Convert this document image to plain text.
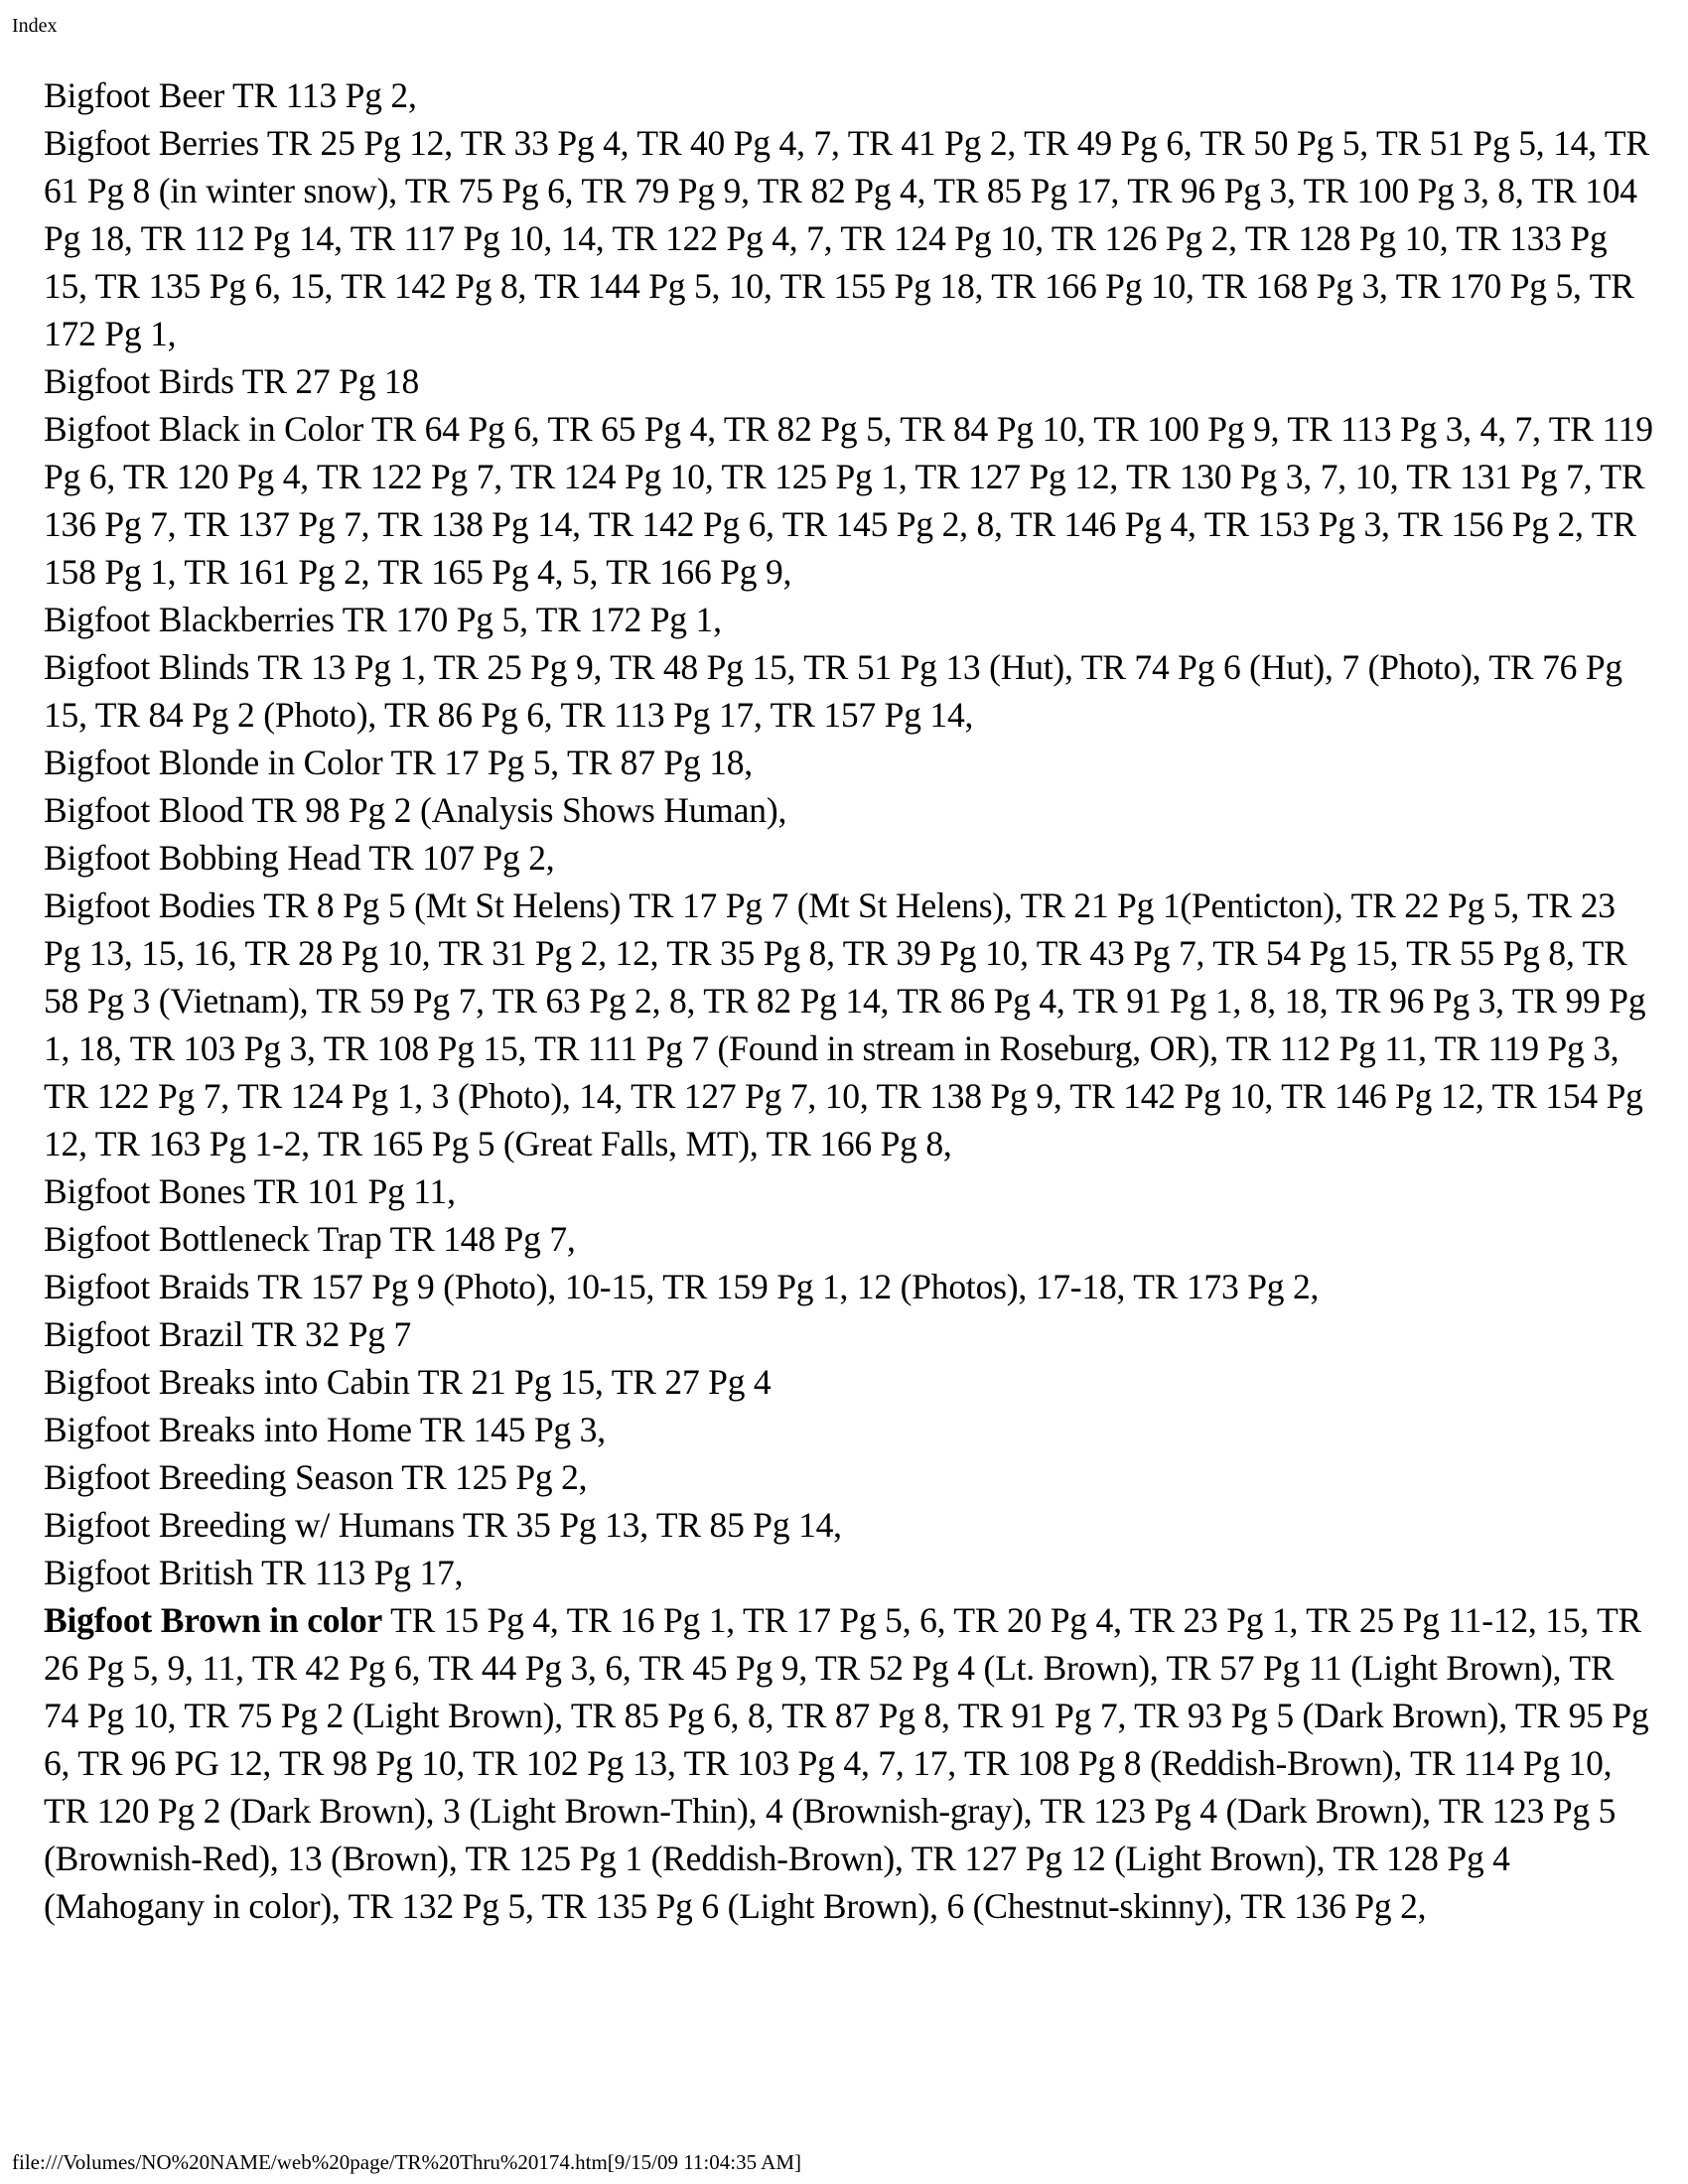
Index

Bigfoot Beer TR 113 Pg 2,

Bigfoot Berries TR 25 Pg 12, TR 33 Pg 4, TR 40 Pg 4, 7, TR 41 Pg 2, TR 49 Pg 6, TR 50 Pg 5, TR 51 Pg 5, 14, TR 61 Pg 8 (in winter snow), TR 75 Pg 6, TR 79 Pg 9, TR 82 Pg 4, TR 85 Pg 17, TR 96 Pg 3, TR 100 Pg 3, 8, TR 104 Pg 18, TR 112 Pg 14, TR 117 Pg 10, 14, TR 122 Pg 4, 7, TR 124 Pg 10, TR 126 Pg 2, TR 128 Pg 10, TR 133 Pg 15, TR 135 Pg 6, 15, TR 142 Pg 8, TR 144 Pg 5, 10, TR 155 Pg 18, TR 166 Pg 10, TR 168 Pg 3, TR 170 Pg 5, TR 172 Pg 1,

Bigfoot Birds TR 27 Pg 18

Bigfoot Black in Color TR 64 Pg 6, TR 65 Pg 4, TR 82 Pg 5, TR 84 Pg 10, TR 100 Pg 9, TR 113 Pg 3, 4, 7, TR 119 Pg 6, TR 120 Pg 4, TR 122 Pg 7, TR 124 Pg 10, TR 125 Pg 1, TR 127 Pg 12, TR 130 Pg 3, 7, 10, TR 131 Pg 7, TR 136 Pg 7, TR 137 Pg 7, TR 138 Pg 14, TR 142 Pg 6, TR 145 Pg 2, 8, TR 146 Pg 4, TR 153 Pg 3, TR 156 Pg 2, TR 158 Pg 1, TR 161 Pg 2, TR 165 Pg 4, 5, TR 166 Pg 9,

Bigfoot Blackberries TR 170 Pg 5, TR 172 Pg 1,

Bigfoot Blinds TR 13 Pg 1, TR 25 Pg 9, TR 48 Pg 15, TR 51 Pg 13 (Hut), TR 74 Pg 6 (Hut), 7 (Photo), TR 76 Pg 15, TR 84 Pg 2 (Photo), TR 86 Pg 6, TR 113 Pg 17, TR 157 Pg 14,

Bigfoot Blonde in Color TR 17 Pg 5, TR 87 Pg 18,

Bigfoot Blood TR 98 Pg 2 (Analysis Shows Human),

Bigfoot Bobbing Head TR 107 Pg 2,

Bigfoot Bodies TR 8 Pg 5 (Mt St Helens) TR 17 Pg 7 (Mt St Helens), TR 21 Pg 1(Penticton), TR 22 Pg 5, TR 23 Pg 13, 15, 16, TR 28 Pg 10, TR 31 Pg 2, 12, TR 35 Pg 8, TR 39 Pg 10, TR 43 Pg 7, TR 54 Pg 15, TR 55 Pg 8, TR 58 Pg 3 (Vietnam), TR 59 Pg 7, TR 63 Pg 2, 8, TR 82 Pg 14, TR 86 Pg 4, TR 91 Pg 1, 8, 18, TR 96 Pg 3, TR 99 Pg 1, 18, TR 103 Pg 3, TR 108 Pg 15, TR 111 Pg 7 (Found in stream in Roseburg, OR), TR 112 Pg 11, TR 119 Pg 3, TR 122 Pg 7, TR 124 Pg 1, 3 (Photo), 14, TR 127 Pg 7, 10, TR 138 Pg 9, TR 142 Pg 10, TR 146 Pg 12, TR 154 Pg 12, TR 163 Pg 1-2, TR 165 Pg 5 (Great Falls, MT), TR 166 Pg 8,

Bigfoot Bones TR 101 Pg 11,

Bigfoot Bottleneck Trap TR 148 Pg 7,

Bigfoot Braids TR 157 Pg 9 (Photo), 10-15, TR 159 Pg 1, 12 (Photos), 17-18, TR 173 Pg 2,

Bigfoot Brazil TR 32 Pg 7

Bigfoot Breaks into Cabin TR 21 Pg 15, TR 27 Pg 4

Bigfoot Breaks into Home TR 145 Pg 3,

Bigfoot Breeding Season TR 125 Pg 2,

Bigfoot Breeding w/ Humans TR 35 Pg 13, TR 85 Pg 14,

Bigfoot British TR 113 Pg 17,

Bigfoot Brown in color TR 15 Pg 4, TR 16 Pg 1, TR 17 Pg 5, 6, TR 20 Pg 4, TR 23 Pg 1, TR 25 Pg 11-12, 15, TR 26 Pg 5, 9, 11, TR 42 Pg 6, TR 44 Pg 3, 6, TR 45 Pg 9, TR 52 Pg 4 (Lt. Brown), TR 57 Pg 11 (Light Brown), TR 74 Pg 10, TR 75 Pg 2 (Light Brown), TR 85 Pg 6, 8, TR 87 Pg 8, TR 91 Pg 7, TR 93 Pg 5 (Dark Brown), TR 95 Pg 6, TR 96 PG 12, TR 98 Pg 10, TR 102 Pg 13, TR 103 Pg 4, 7, 17, TR 108 Pg 8 (Reddish-Brown), TR 114 Pg 10, TR 120 Pg 2 (Dark Brown), 3 (Light Brown-Thin), 4 (Brownish-gray), TR 123 Pg 4 (Dark Brown), TR 123 Pg 5 (Brownish-Red), 13 (Brown), TR 125 Pg 1 (Reddish-Brown), TR 127 Pg 12 (Light Brown), TR 128 Pg 4 (Mahogany in color), TR 132 Pg 5, TR 135 Pg 6 (Light Brown), 6 (Chestnut-skinny), TR 136 Pg 2,

file:///Volumes/NO%20NAME/web%20page/TR%20Thru%20174.htm[9/15/09 11:04:35 AM]
